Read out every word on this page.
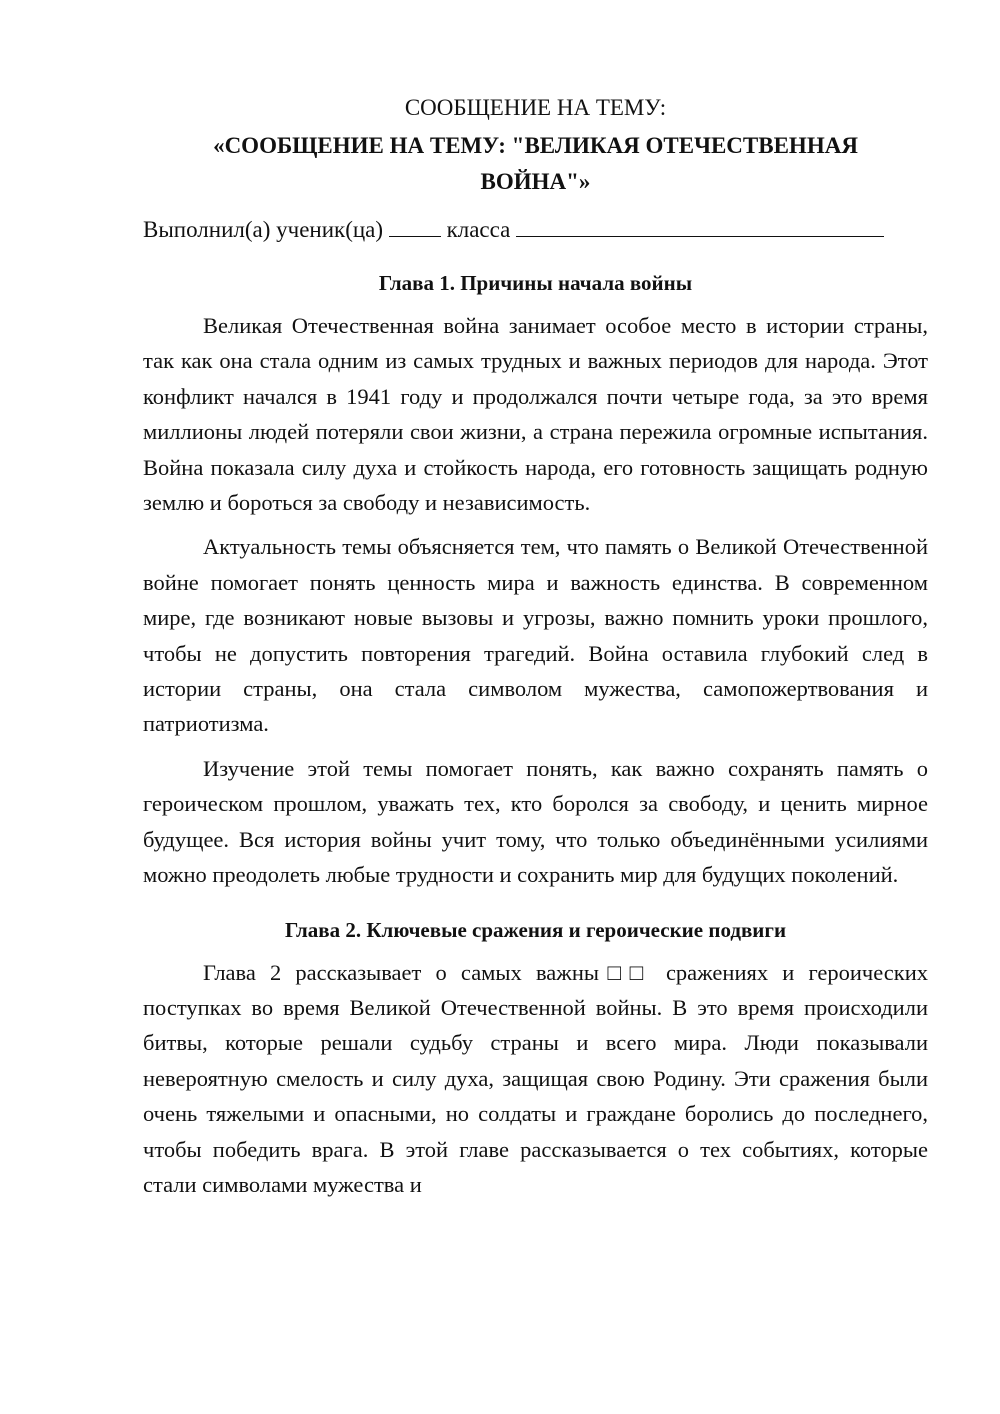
СООБЩЕНИЕ НА ТЕМУ:

«СООБЩЕНИЕ НА ТЕМУ: "ВЕЛИКАЯ ОТЕЧЕСТВЕННАЯ ВОЙНА"»

Выполнил(а) ученик(ца)	класса

Глава 1. Причины начала войны

Великая Отечественная война занимает особое место в истории страны, так как она стала одним из самых трудных и важных периодов для народа. Этот конфликт начался в 1941 году и продолжался почти четыре года, за это время миллионы людей потеряли свои жизни, а страна пережила огромные испытания. Война показала силу духа и стойкость народа, его готовность защищать родную землю и бороться за свободу и независимость.

Актуальность темы объясняется тем, что память о Великой Отечественной войне помогает понять ценность мира и важность единства. В современном мире, где возникают новые вызовы и угрозы, важно помнить уроки прошлого, чтобы не допустить повторения трагедий. Война оставила глубокий след в истории страны, она стала символом мужества, самопожертвования и патриотизма.

Изучение этой темы помогает понять, как важно сохранять память о героическом прошлом, уважать тех, кто боролся за свободу, и ценить мирное будущее. Вся история войны учит тому, что только объединёнными усилиями можно преодолеть любые трудности и сохранить мир для будущих поколений.

Глава 2. Ключевые сражения и героические подвиги

Глава 2 рассказывает о самых важны□□ сражениях и героических поступках во время Великой Отечественной войны. В это время происходили битвы, которые решали судьбу страны и всего мира. Люди показывали невероятную смелость и силу духа, защищая свою Родину. Эти сражения были очень тяжелыми и опасными, но солдаты и граждане боролись до последнего, чтобы победить врага. В этой главе рассказывается о тех событиях, которые стали символами мужества и
